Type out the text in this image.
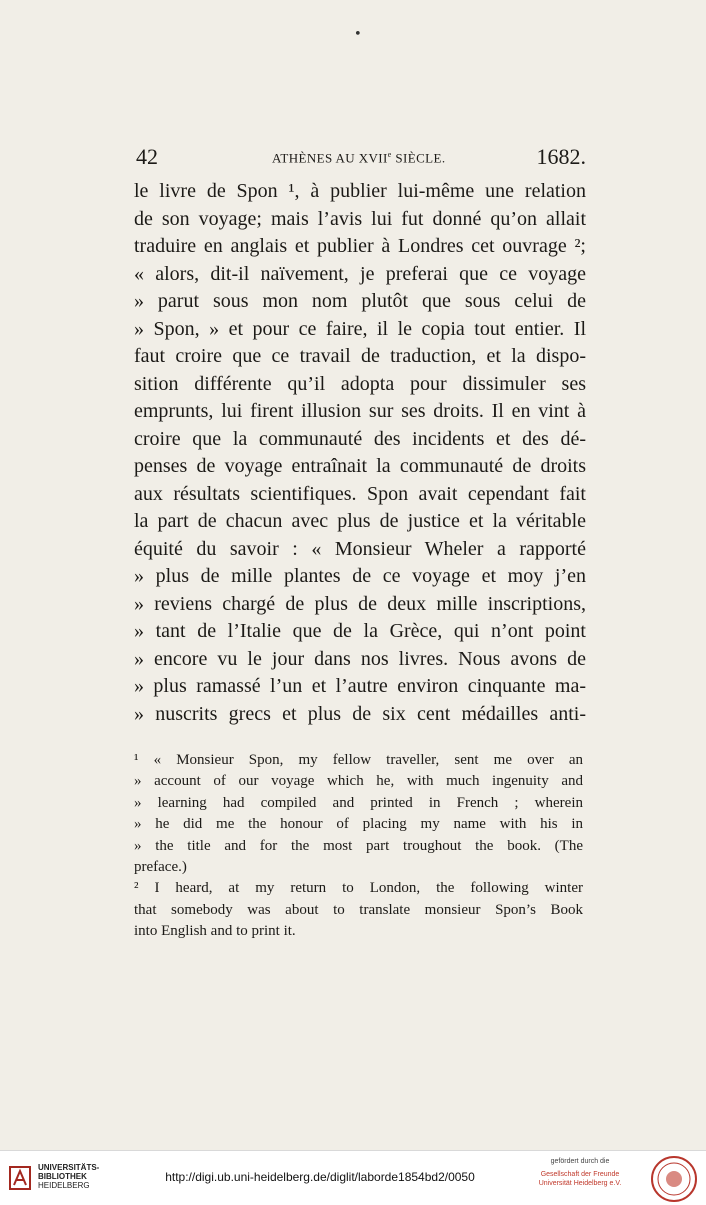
•
42	ATHÈNES AU XVIIe SIÈCLE.	1682.
le livre de Spon ¹, à publier lui-même une relation
de son voyage; mais l’avis lui fut donné qu’on allait
traduire en anglais et publier à Londres cet ouvrage ²;
« alors, dit-il naïvement, je preferai que ce voyage
» parut sous mon nom plutôt que sous celui de
» Spon, » et pour ce faire, il le copia tout entier. Il
faut croire que ce travail de traduction, et la dispo-
sition différente qu’il adopta pour dissimuler ses
emprunts, lui firent illusion sur ses droits. Il en vint à
croire que la communauté des incidents et des dé-
penses de voyage entraînait la communauté de droits
aux résultats scientifiques. Spon avait cependant fait
la part de chacun avec plus de justice et la véritable
équité du savoir : « Monsieur Wheler a rapporté
» plus de mille plantes de ce voyage et moy j’en
» reviens chargé de plus de deux mille inscriptions,
» tant de l’Italie que de la Grèce, qui n’ont point
» encore vu le jour dans nos livres. Nous avons de
» plus ramassé l’un et l’autre environ cinquante ma-
» nuscrits grecs et plus de six cent médailles anti-
¹ « Monsieur Spon, my fellow traveller, sent me over an
» account of our voyage which he, with much ingenuity and
» learning had compiled and printed in French ; wherein
» he did me the honour of placing my name with his in
» the title and for the most part troughout the book. (The
preface.)
² I heard, at my return to London, the following winter
that somebody was about to translate monsieur Spon’s Book
into English and to print it.
UNIVERSITÄTS-
BIBLIOTHEK
HEIDELBERG
http://digi.ub.uni-heidelberg.de/diglit/laborde1854bd2/0050
gefördert durch die
Gesellschaft der Freunde
Universität Heidelberg e.V.
